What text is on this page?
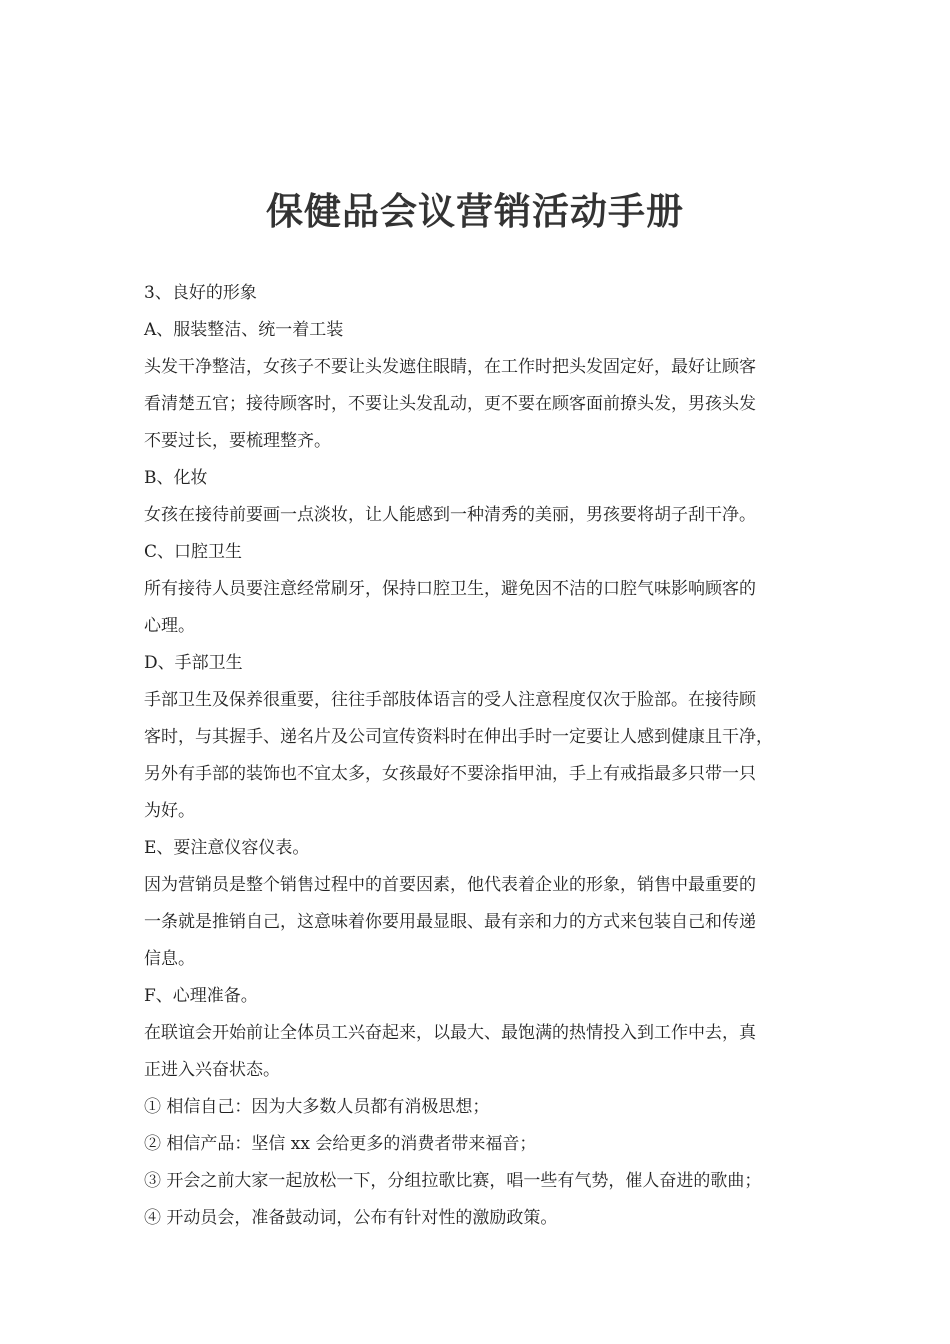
保健品会议营销活动手册
3、良好的形象
A、服装整洁、统一着工装
头发干净整洁，女孩子不要让头发遮住眼睛，在工作时把头发固定好，最好让顾客
看清楚五官；接待顾客时，不要让头发乱动，更不要在顾客面前撩头发，男孩头发
不要过长，要梳理整齐。
B、化妆
女孩在接待前要画一点淡妆，让人能感到一种清秀的美丽，男孩要将胡子刮干净。
C、口腔卫生
所有接待人员要注意经常刷牙，保持口腔卫生，避免因不洁的口腔气味影响顾客的
心理。
D、手部卫生
手部卫生及保养很重要，往往手部肢体语言的受人注意程度仅次于脸部。在接待顾
客时，与其握手、递名片及公司宣传资料时在伸出手时一定要让人感到健康且干净，
另外有手部的装饰也不宜太多，女孩最好不要涂指甲油，手上有戒指最多只带一只
为好。
E、要注意仪容仪表。
因为营销员是整个销售过程中的首要因素，他代表着企业的形象，销售中最重要的
一条就是推销自己，这意味着你要用最显眼、最有亲和力的方式来包装自己和传递
信息。
F、心理准备。
在联谊会开始前让全体员工兴奋起来，以最大、最饱满的热情投入到工作中去，真
正进入兴奋状态。
① 相信自己：因为大多数人员都有消极思想；
② 相信产品：坚信 xx 会给更多的消费者带来福音；
③ 开会之前大家一起放松一下，分组拉歌比赛，唱一些有气势，催人奋进的歌曲；
④ 开动员会，准备鼓动词，公布有针对性的激励政策。
